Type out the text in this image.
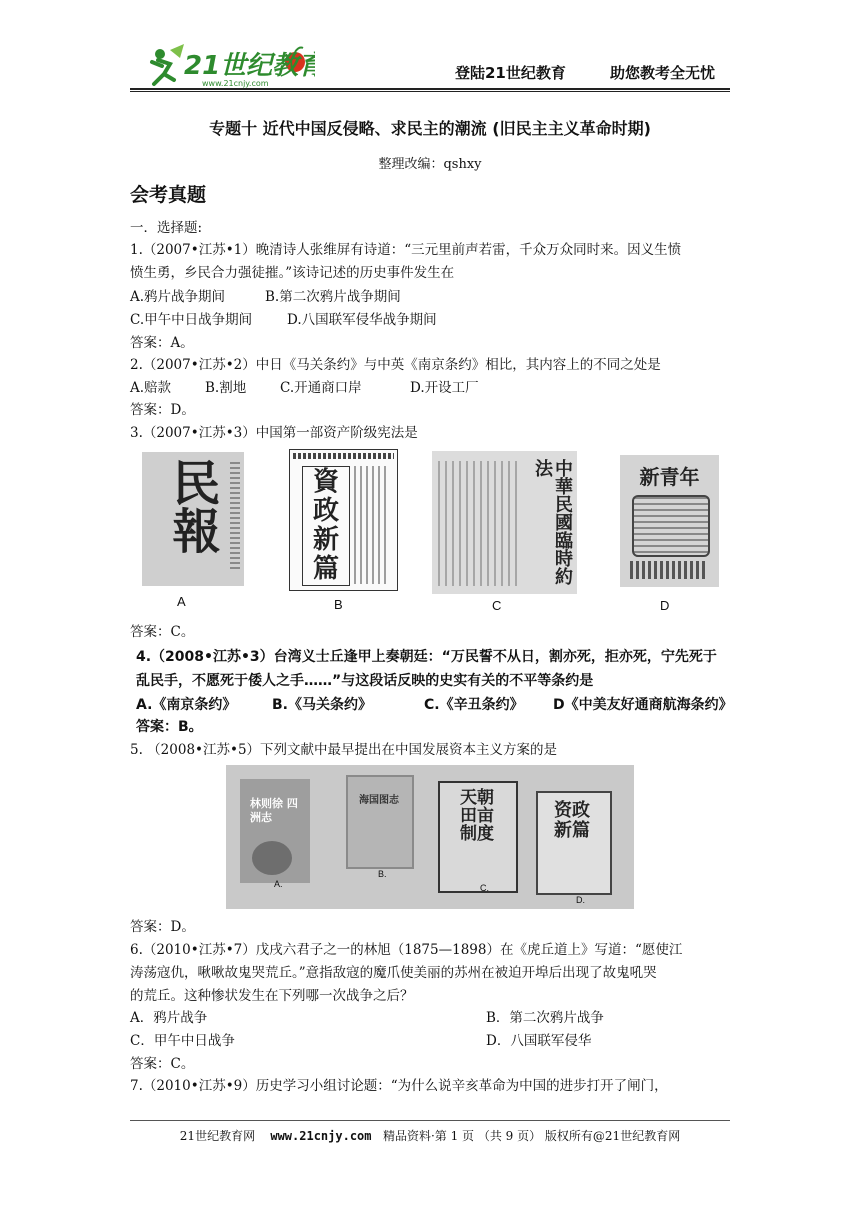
21世纪教育
www.21cnjy.com
登陆21世纪教育	助您教考全无忧
专题十 近代中国反侵略、求民主的潮流 (旧民主主义革命时期)
整理改编：qshxy
会考真题
一．选择题:
1.（2007•江苏•1）晚清诗人张维屏有诗道：“三元里前声若雷，千众万众同时来。因义生愤
愤生勇，乡民合力强徒摧。”该诗记述的历史事件发生在
A.鸦片战争期间	B.第二次鸦片战争期间
C.甲午中日战争期间	D.八国联军侵华战争期间
答案：A。
2.（2007•江苏•2）中日《马关条约》与中英《南京条约》相比，其内容上的不同之处是
A.赔款	B.割地	C.开通商口岸	D.开设工厂
答案：D。
3.（2007•江苏•3）中国第一部资产阶级宪法是
民報
A
資政新篇
B
中華民國臨時約法
C
新青年
D
答案：C。
4.（2008•江苏•3）台湾义士丘逢甲上奏朝廷：“万民誓不从日，割亦死，拒亦死，宁先死于
乱民手，不愿死于倭人之手……”与这段话反映的史实有关的不平等条约是
A.《南京条约》	B.《马关条约》	C.《辛丑条约》 D《中美友好通商航海条约》
答案：B。
5. （2008•江苏•5）下列文献中最早提出在中国发展资本主义方案的是
林则徐 四洲志
A.
海国图志
B.
天朝田亩制度
C.
资政新篇
D.
答案：D。
6.（2010•江苏•7）戊戌六君子之一的林旭（1875—1898）在《虎丘道上》写道：“愿使江
涛荡寇仇，啾啾故鬼哭荒丘。”意指敌寇的魔爪使美丽的苏州在被迫开埠后出现了故鬼吼哭
的荒丘。这种惨状发生在下列哪一次战争之后？
A．鸦片战争	B．第二次鸦片战争
C．甲午中日战争	D．八国联军侵华
答案：C。
7.（2010•江苏•9）历史学习小组讨论题：“为什么说辛亥革命为中国的进步打开了闸门，
21世纪教育网 www.21cnjy.com 精品资料·第 1 页 （共 9 页） 版权所有@21世纪教育网
